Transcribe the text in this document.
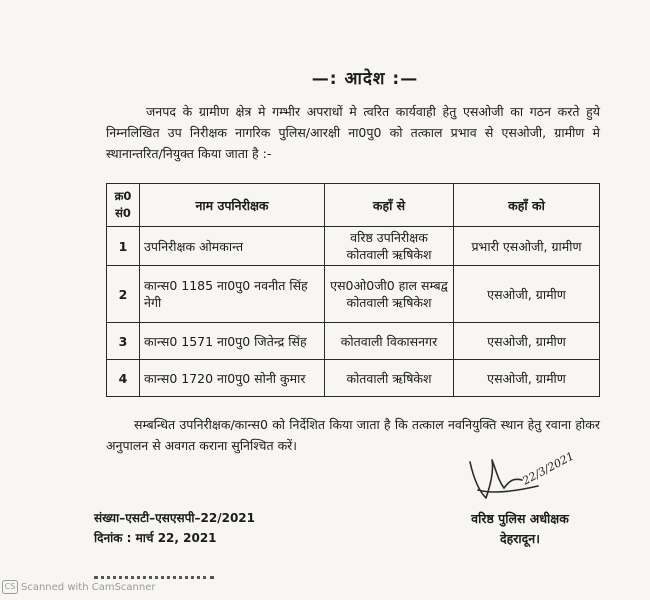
—: आदेश :—
जनपद के ग्रामीण क्षेत्र मे गम्भीर अपराधों मे त्वरित कार्यवाही हेतु एसओजी का गठन करते हुये निम्नलिखित उप निरीक्षक नागरिक पुलिस/आरक्षी ना0पु0 को तत्काल प्रभाव से एसओजी, ग्रामीण मे स्थानान्तरित/नियुक्त किया जाता है :-
क्र0 सं0	नाम उपनिरीक्षक	कहॉं से	कहॉं को
1	उपनिरीक्षक ओमकान्त	वरिष्ठ उपनिरीक्षक कोतवाली ऋषिकेश	प्रभारी एसओजी, ग्रामीण
2	कान्स0 1185 ना0पु0 नवनीत सिंह नेगी	एस0ओ0जी0 हाल सम्बद्व कोतवाली ऋषिकेश	एसओजी, ग्रामीण
3	कान्स0 1571 ना0पु0 जितेन्द्र सिंह	कोतवाली विकासनगर	एसओजी, ग्रामीण
4	कान्स0 1720 ना0पु0 सोनी कुमार	कोतवाली ऋषिकेश	एसओजी, ग्रामीण
सम्बन्धित उपनिरीक्षक/कान्स0 को निर्देशित किया जाता है कि तत्काल नवनियुक्ति स्थान हेतु रवाना होकर अनुपालन से अवगत कराना सुनिश्चित करें।
संख्या–एसटी–एसएसपी–22/2021
दिनांक : मार्च 22, 2021
22/3/2021
वरिष्ठ पुलिस अधीक्षक
देहरादून।
CS Scanned with CamScanner
